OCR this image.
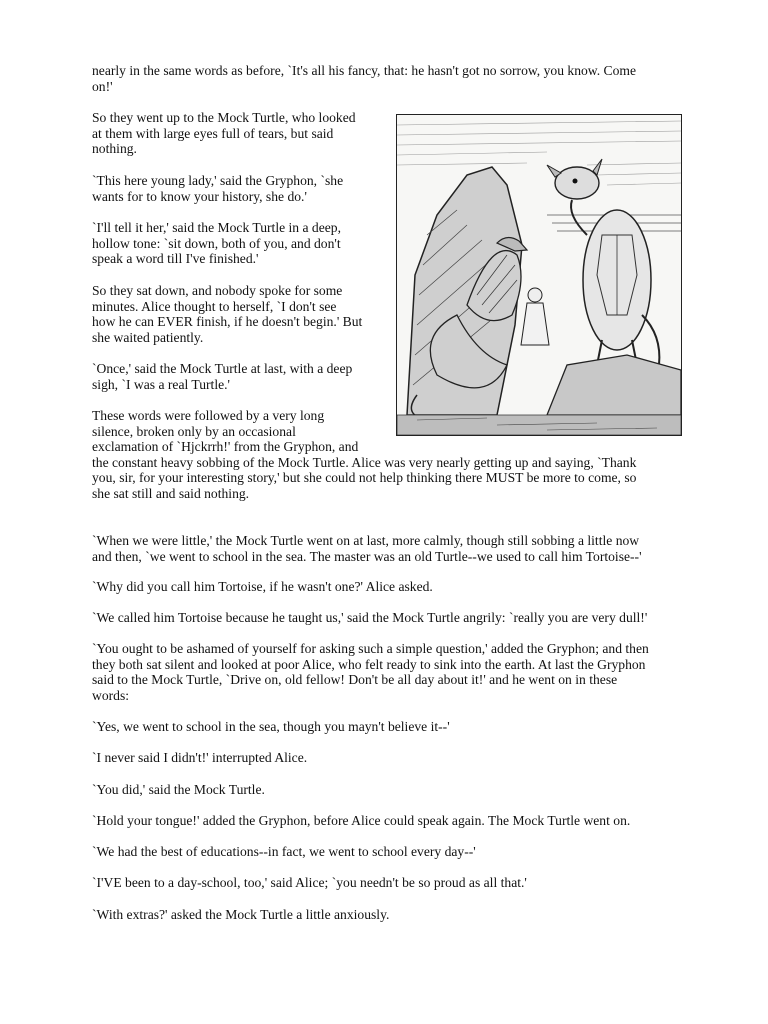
nearly in the same words as before, `It's all his fancy, that: he hasn't got no sorrow, you know. Come
on!'
So they went up to the Mock Turtle, who looked
at them with large eyes full of tears, but said
nothing.
`This here young lady,' said the Gryphon, `she
wants for to know your history, she do.'
`I'll tell it her,' said the Mock Turtle in a deep,
hollow tone: `sit down, both of you, and don't
speak a word till I've finished.'
So they sat down, and nobody spoke for some
minutes. Alice thought to herself, `I don't see
how he can EVER finish, if he doesn't begin.' But
she waited patiently.
`Once,' said the Mock Turtle at last, with a deep
sigh, `I was a real Turtle.'
These words were followed by a very long
silence, broken only by an occasional
exclamation of `Hjckrrh!' from the Gryphon, and
the constant heavy sobbing of the Mock Turtle. Alice was very nearly getting up and saying, `Thank
you, sir, for your interesting story,' but she could not help thinking there MUST be more to come, so
she sat still and said nothing.
`When we were little,' the Mock Turtle went on at last, more calmly, though still sobbing a little now
and then, `we went to school in the sea. The master was an old Turtle--we used to call him Tortoise--'
`Why did you call him Tortoise, if he wasn't one?' Alice asked.
`We called him Tortoise because he taught us,' said the Mock Turtle angrily: `really you are very dull!'
`You ought to be ashamed of yourself for asking such a simple question,' added the Gryphon; and then
they both sat silent and looked at poor Alice, who felt ready to sink into the earth. At last the Gryphon
said to the Mock Turtle, `Drive on, old fellow! Don't be all day about it!' and he went on in these
words:
`Yes, we went to school in the sea, though you mayn't believe it--'
`I never said I didn't!' interrupted Alice.
`You did,' said the Mock Turtle.
`Hold your tongue!' added the Gryphon, before Alice could speak again. The Mock Turtle went on.
`We had the best of educations--in fact, we went to school every day--'
`I'VE been to a day-school, too,' said Alice; `you needn't be so proud as all that.'
`With extras?' asked the Mock Turtle a little anxiously.
